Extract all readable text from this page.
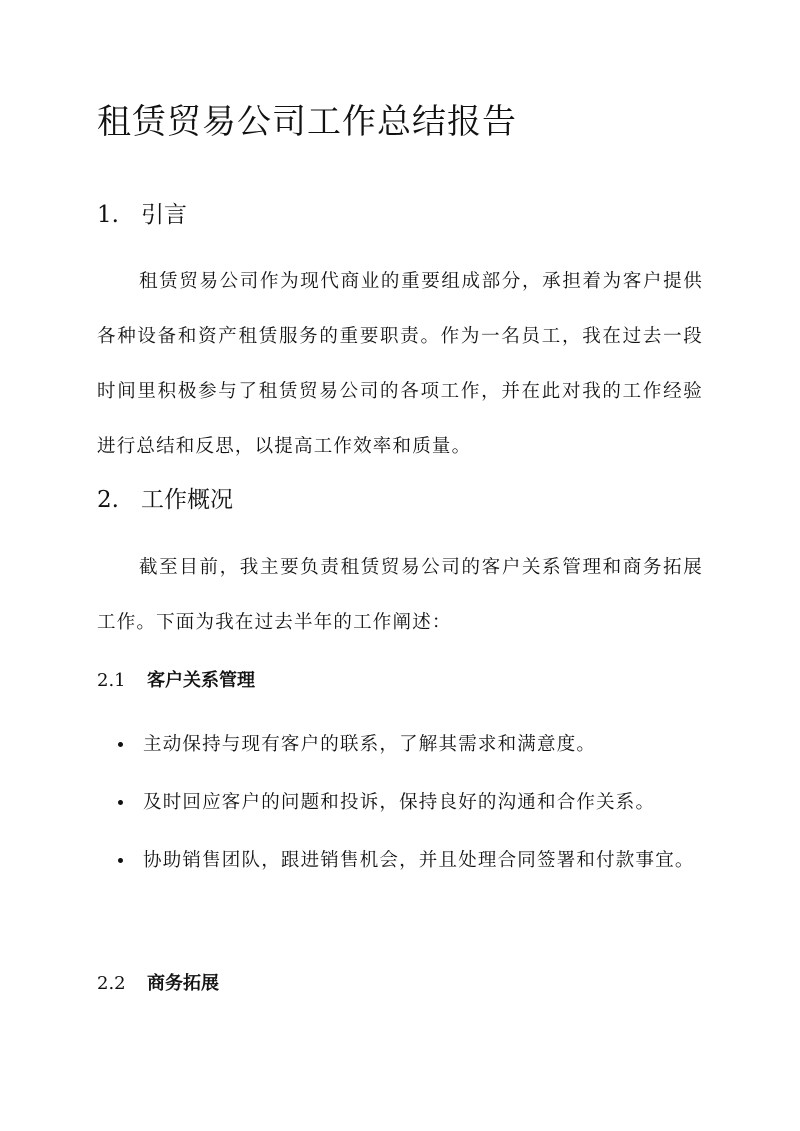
租赁贸易公司工作总结报告
1. 引言

租赁贸易公司作为现代商业的重要组成部分，承担着为客户提供各种设备和资产租赁服务的重要职责。作为一名员工，我在过去一段时间里积极参与了租赁贸易公司的各项工作，并在此对我的工作经验进行总结和反思，以提高工作效率和质量。

2. 工作概况

截至目前，我主要负责租赁贸易公司的客户关系管理和商务拓展工作。下面为我在过去半年的工作阐述：

2.1 客户关系管理
主动保持与现有客户的联系，了解其需求和满意度。
及时回应客户的问题和投诉，保持良好的沟通和合作关系。
协助销售团队，跟进销售机会，并且处理合同签署和付款事宜。
2.2 商务拓展
